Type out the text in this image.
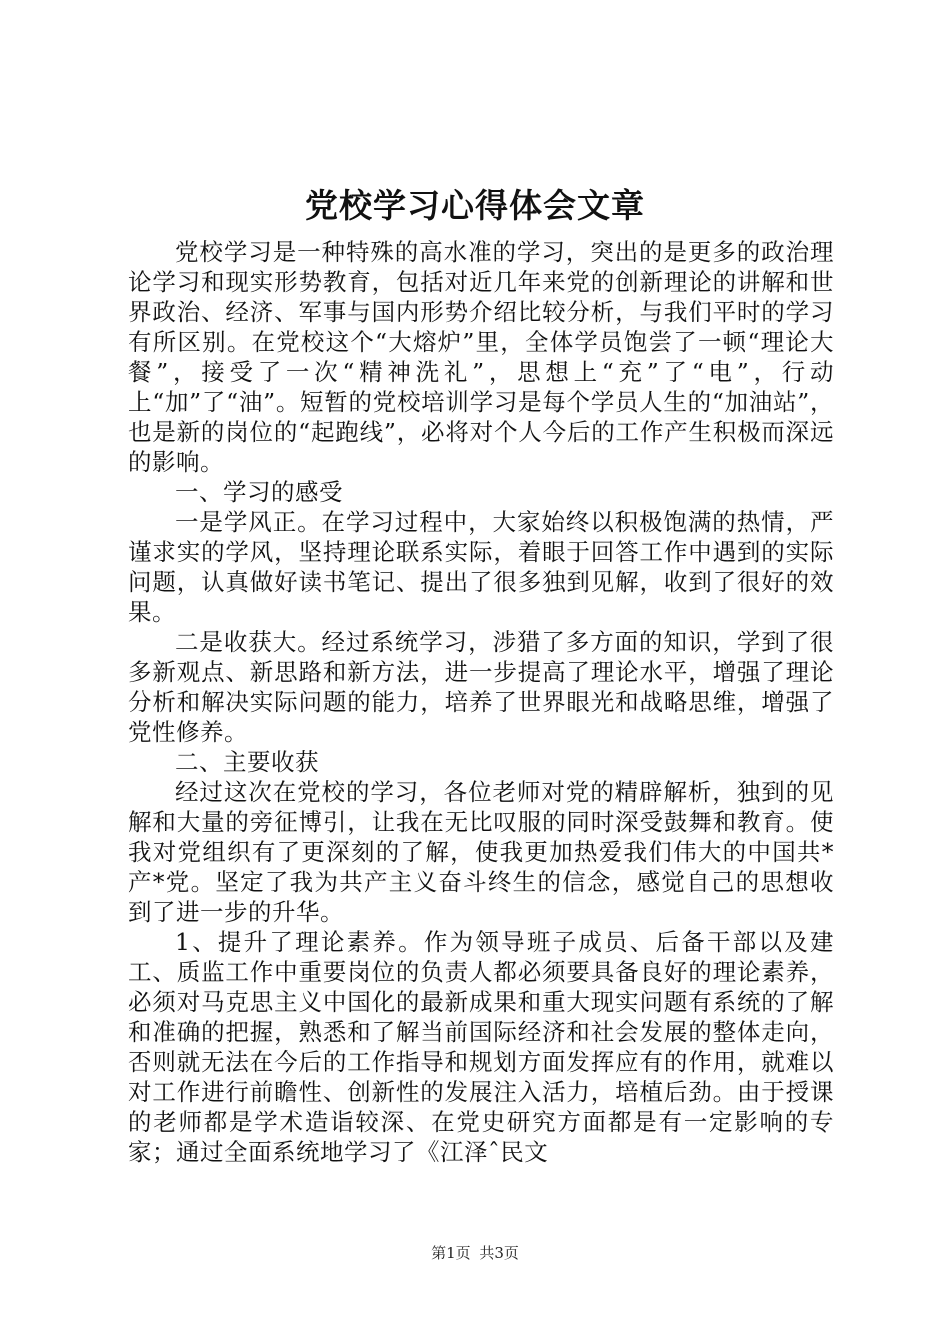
党校学习心得体会文章

党校学习是一种特殊的高水准的学习，突出的是更多的政治理论学习和现实形势教育，包括对近几年来党的创新理论的讲解和世界政治、经济、军事与国内形势介绍比较分析，与我们平时的学习有所区别。在党校这个“大熔炉”里，全体学员饱尝了一顿“理论大餐”，接受了一次“精神洗礼”，思想上“充”了“电”，行动上“加”了“油”。短暂的党校培训学习是每个学员人生的“加油站”，也是新的岗位的“起跑线”，必将对个人今后的工作产生积极而深远的影响。

一、学习的感受

一是学风正。在学习过程中，大家始终以积极饱满的热情，严谨求实的学风，坚持理论联系实际，着眼于回答工作中遇到的实际问题，认真做好读书笔记、提出了很多独到见解，收到了很好的效果。

二是收获大。经过系统学习，涉猎了多方面的知识，学到了很多新观点、新思路和新方法，进一步提高了理论水平，增强了理论分析和解决实际问题的能力，培养了世界眼光和战略思维，增强了党性修养。

二、主要收获

经过这次在党校的学习，各位老师对党的精辟解析，独到的见解和大量的旁征博引，让我在无比叹服的同时深受鼓舞和教育。使我对党组织有了更深刻的了解，使我更加热爱我们伟大的中国共*产*党。坚定了我为共产主义奋斗终生的信念，感觉自己的思想收到了进一步的升华。

1、提升了理论素养。作为领导班子成员、后备干部以及建工、质监工作中重要岗位的负责人都必须要具备良好的理论素养，必须对马克思主义中国化的最新成果和重大现实问题有系统的了解和准确的把握，熟悉和了解当前国际经济和社会发展的整体走向，否则就无法在今后的工作指导和规划方面发挥应有的作用，就难以对工作进行前瞻性、创新性的发展注入活力，培植后劲。由于授课的老师都是学术造诣较深、在党史研究方面都是有一定影响的专家；通过全面系统地学习了《江泽ˆ民文

第1页 共3页
